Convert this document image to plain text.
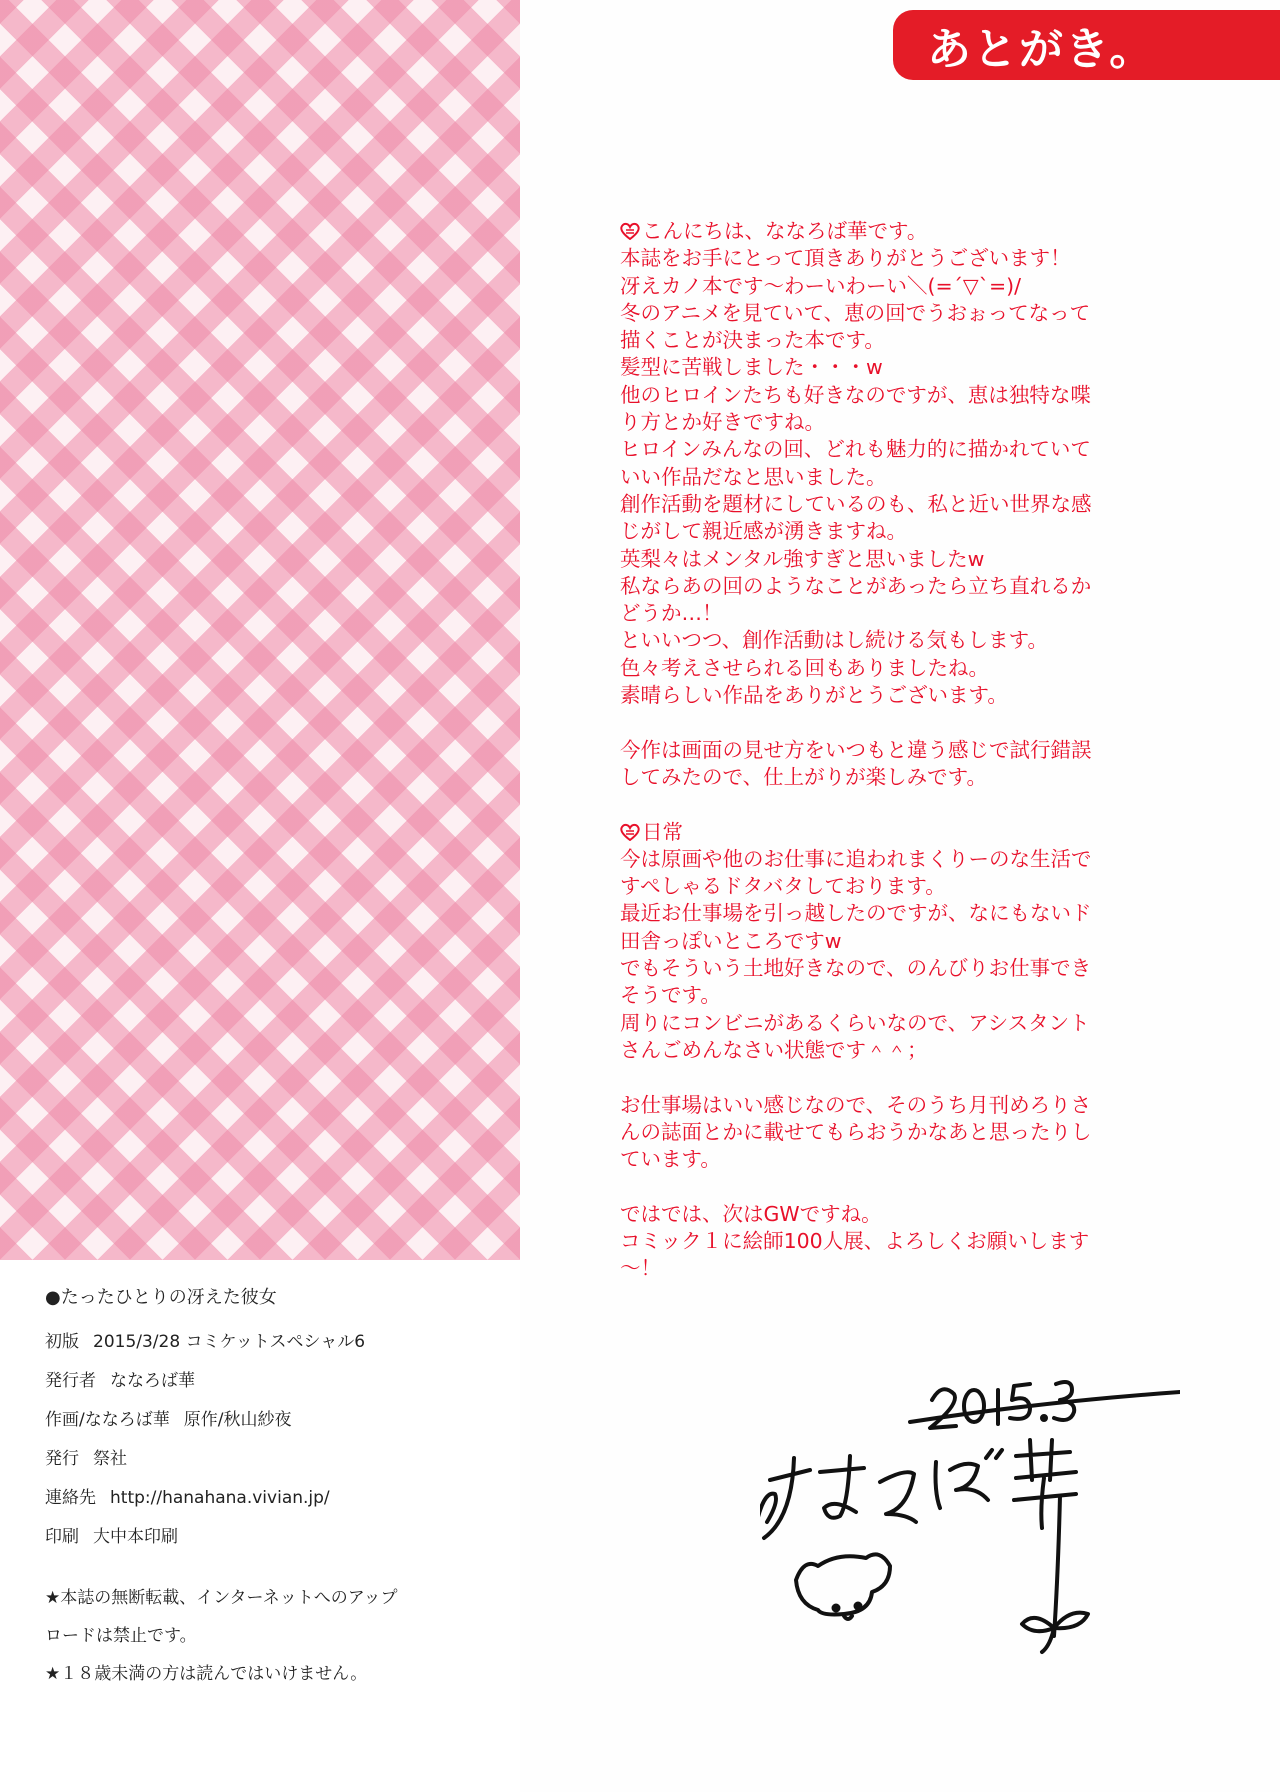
あとがき。
こんにちは、ななろば華です。
本誌をお手にとって頂きありがとうございます！
冴えカノ本です～わーいわーい＼(=´▽`=)/
冬のアニメを見ていて、恵の回でうおぉってなって
描くことが決まった本です。
髪型に苦戦しました・・・w
他のヒロインたちも好きなのですが、恵は独特な喋
り方とか好きですね。
ヒロインみんなの回、どれも魅力的に描かれていて
いい作品だなと思いました。
創作活動を題材にしているのも、私と近い世界な感
じがして親近感が湧きますね。
英梨々はメンタル強すぎと思いましたw
私ならあの回のようなことがあったら立ち直れるか
どうか…！
といいつつ、創作活動はし続ける気もします。
色々考えさせられる回もありましたね。
素晴らしい作品をありがとうございます。
今作は画面の見せ方をいつもと違う感じで試行錯誤
してみたので、仕上がりが楽しみです。
日常
今は原画や他のお仕事に追われまくりーのな生活で
すぺしゃるドタバタしております。
最近お仕事場を引っ越したのですが、なにもないド
田舎っぽいところですw
でもそういう土地好きなので、のんびりお仕事でき
そうです。
周りにコンビニがあるくらいなので、アシスタント
さんごめんなさい状態です＾＾；
お仕事場はいい感じなので、そのうち月刊めろりさ
んの誌面とかに載せてもらおうかなあと思ったりし
ています。
ではでは、次はGWですね。
コミック１に絵師100人展、よろしくお願いします
～！
●たったひとりの冴えた彼女
初版 2015/3/28 コミケットスペシャル6
発行者 ななろば華
作画/ななろば華 原作/秋山紗夜
発行 祭社
連絡先 http://hanahana.vivian.jp/
印刷 大中本印刷
★本誌の無断転載、インターネットへのアップ
ロードは禁止です。
★１８歳未満の方は読んではいけません。
